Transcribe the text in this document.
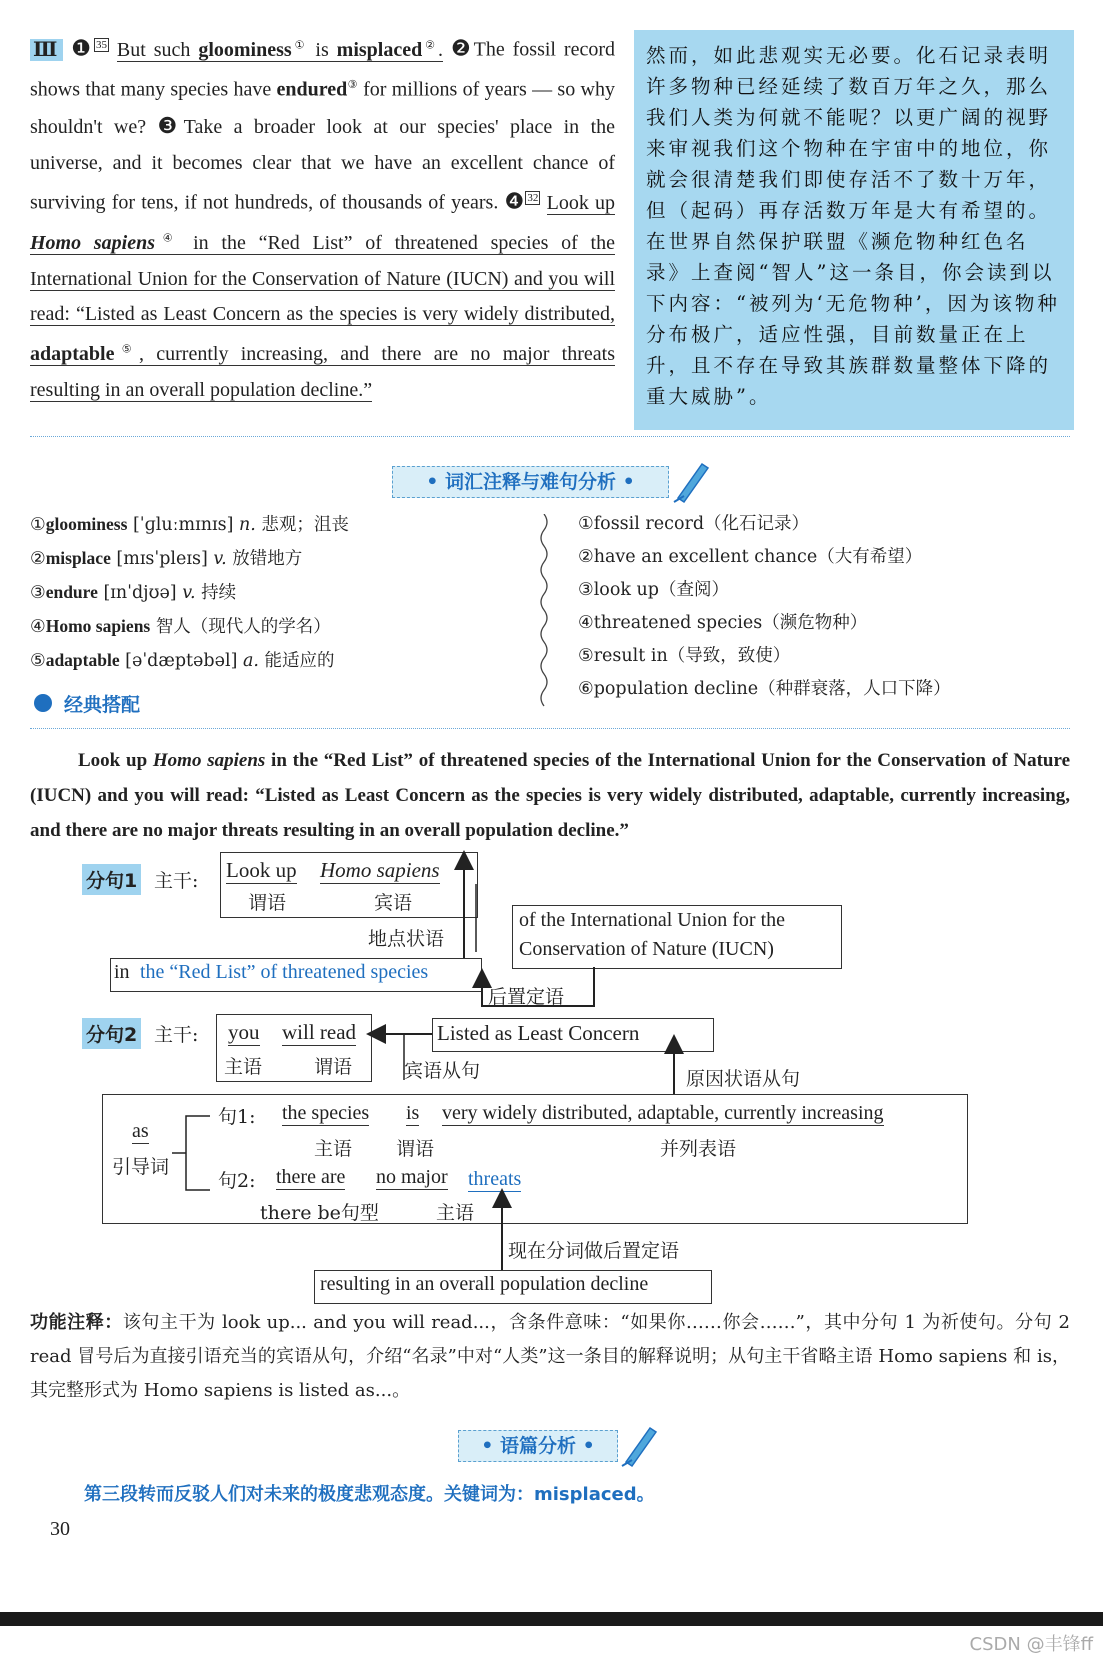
Ⅲ ❶ $^{35}$ But such gloominess① is misplaced②. ❷The fossil record shows that many species have endured③ for millions of years — so why shouldn't we? ❸Take a broader look at our species' place in the universe, and it becomes clear that we have an excellent chance of surviving for tens, if not hundreds, of thousands of years. ❹ $^{32}$ Look up Homo sapiens④ in the “Red List” of threatened species of the International Union for the Conservation of Nature (IUCN) and you will read: “Listed as Least Concern as the species is very widely distributed, adaptable⑤, currently increasing, and there are no major threats resulting in an overall population decline.”

然而，如此悲观实无必要。化石记录表明许多物种已经延续了数百万年之久，那么我们人类为何就不能呢？以更广阔的视野来审视我们这个物种在宇宙中的地位，你就会很清楚我们即使存活不了数十万年，但（起码）再存活数万年是大有希望的。在世界自然保护联盟《濒危物种红色名录》上查阅“智人”这一条目，你会读到以下内容：“被列为‘无危物种’，因为该物种分布极广，适应性强，目前数量正在上升，且不存在导致其族群数量整体下降的重大威胁”。

• 词汇注释与难句分析 •
①gloominess [ˈɡluːmɪnɪs] n. 悲观；沮丧
②misplace [mɪsˈpleɪs] v. 放错地方
③endure [ɪnˈdjʊə] v. 持续
④Homo sapiens 智人（现代人的学名）
⑤adaptable [əˈdæptəbəl] a. 能适应的
①fossil record（化石记录）
②have an excellent chance（大有希望）
③look up（查阅）
④threatened species（濒危物种）
⑤result in（导致，致使）
⑥population decline（种群衰落，人口下降）
经典搭配
Look up Homo sapiens in the “Red List” of threatened species of the International Union for the Conservation of Nature (IUCN) and you will read: “Listed as Least Concern as the species is very widely distributed, adaptable, currently increasing, and there are no major threats resulting in an overall population decline.”
分句1 主干: Look up Homo sapiens
谓语	宾语
地点状语
in the “Red List” of threatened species
of the International Union for the Conservation of Nature (IUCN)
后置定语
分句2 主干: you will read
主语	谓语
Listed as Least Concern
宾语从句	原因状语从句
as
引导词
句1: the species is very widely distributed, adaptable, currently increasing
主语 谓语	并列表语
句2: there are no major threats
there be句型	主语
现在分词做后置定语
resulting in an overall population decline
功能注释：该句主干为 look up... and you will read...，含条件意味：“如果你……你会……”，其中分句 1 为祈使句。分句 2 read 冒号后为直接引语充当的宾语从句，介绍“名录”中对“人类”这一条目的解释说明；从句主干省略主语 Homo sapiens 和 is，其完整形式为 Homo sapiens is listed as...。
• 语篇分析 •
第三段转而反驳人们对未来的极度悲观态度。关键词为：misplaced。
30
CSDN @丰锋ff
